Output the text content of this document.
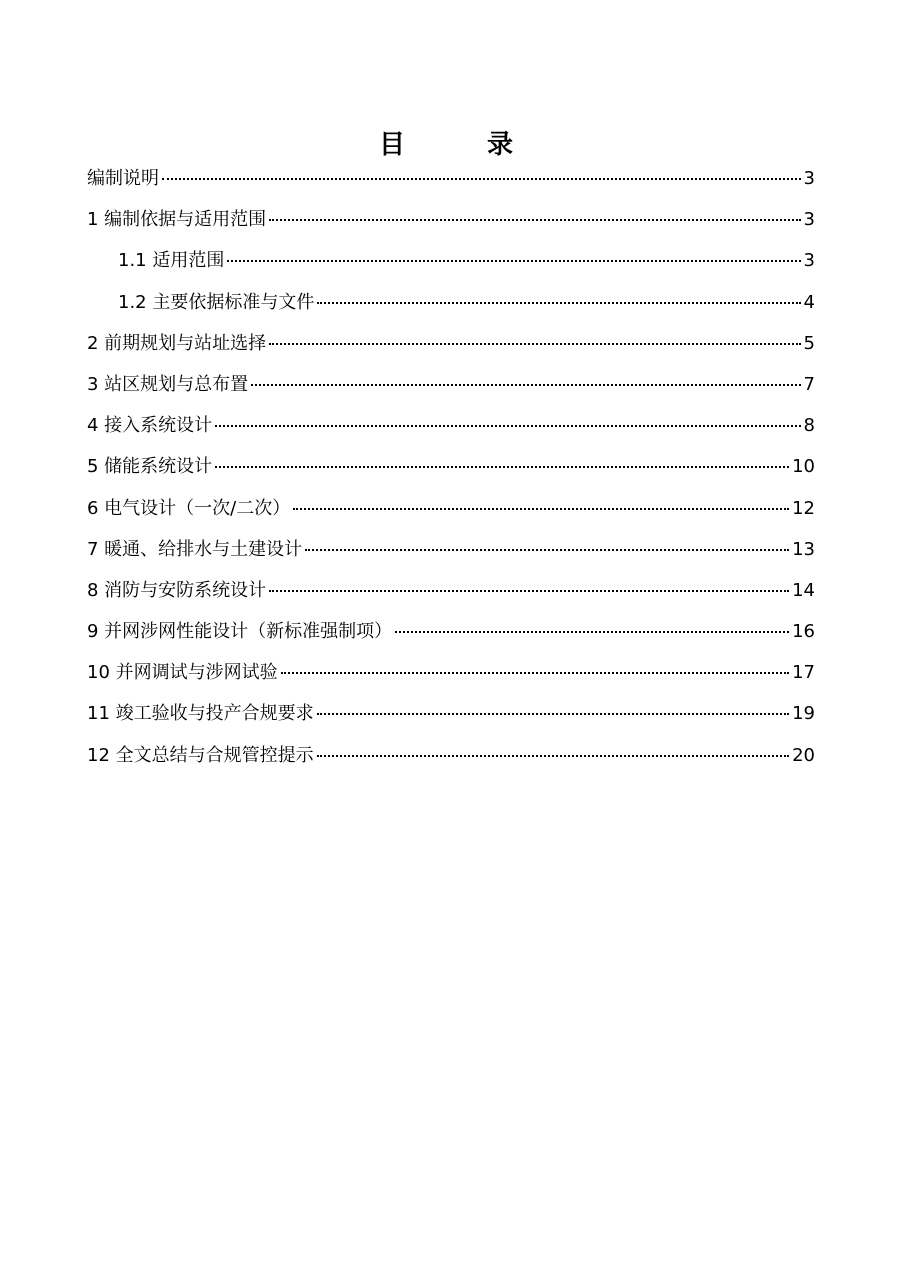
目　录
编制说明	3
1 编制依据与适用范围	3
1.1 适用范围	3
1.2 主要依据标准与文件	4
2 前期规划与站址选择	5
3 站区规划与总布置	7
4 接入系统设计	8
5 储能系统设计	10
6 电气设计（一次/二次）	12
7 暖通、给排水与土建设计	13
8 消防与安防系统设计	14
9 并网涉网性能设计（新标准强制项）	16
10 并网调试与涉网试验	17
11 竣工验收与投产合规要求	19
12 全文总结与合规管控提示	20
